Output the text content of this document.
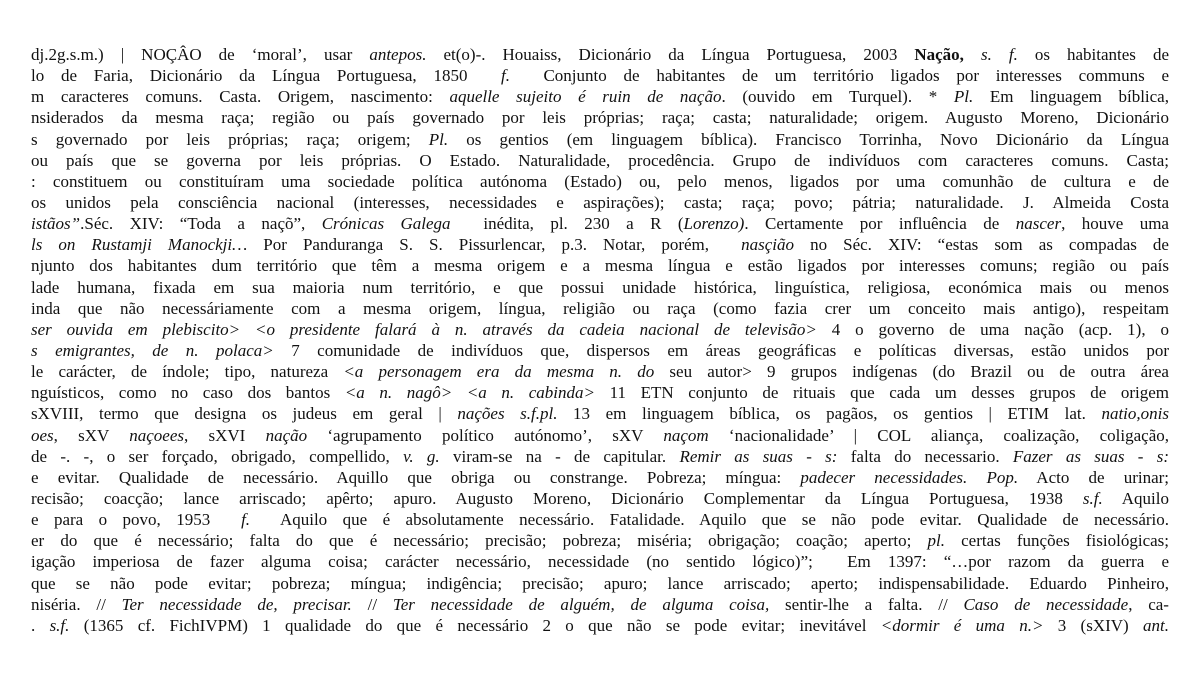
dj.2g.s.m.) | NOÇÂO de ‘moral’, usar antepos. et(o)-. Houaiss, Dicionário da Língua Portuguesa, 2003 Nação, s. f. os habitantes de
lo de Faria, Dicionário da Língua Portuguesa, 1850  f.  Conjunto de habitantes de um território ligados por interesses communs e
m caracteres comuns. Casta. Origem, nascimento: aquelle sujeito é ruin de nação. (ouvido em Turquel). * Pl. Em linguagem bíblica,
nsiderados da mesma raça; região ou país governado por leis próprias; raça; casta; naturalidade; origem. Augusto Moreno, Dicionário
s governado por leis próprias; raça; origem; Pl. os gentios (em linguagem bíblica). Francisco Torrinha, Novo Dicionário da Língua
ou país que se governa por leis próprias. O Estado. Naturalidade, procedência. Grupo de indivíduos com caracteres comuns. Casta;
: constituem ou constituíram uma sociedade política autónoma (Estado) ou, pelo menos, ligados por uma comunhão de cultura e de
os unidos pela consciência nacional (interesses, necessidades e aspirações); casta; raça; povo; pátria; naturalidade. J. Almeida Costa
istãos”.Séc. XIV: “Toda a naçõ”, Crónicas Galega  inédita, pl. 230 a R (Lorenzo). Certamente por influência de nascer, houve uma
ls on Rustamji Manockji… Por Panduranga S. S. Pissurlencar, p.3. Notar, porém,  nasçião no Séc. XIV: “estas som as compadas de
njunto dos habitantes dum território que têm a mesma origem e a mesma língua e estão ligados por interesses comuns; região ou país
lade humana, fixada em sua maioria num território, e que possui unidade histórica, linguística, religiosa, económica mais ou menos
inda que não necessáriamente com a mesma origem, língua, religião ou raça (como fazia crer um conceito mais antigo), respeitam
ser ouvida em plebiscito> <o presidente falará à n. através da cadeia nacional de televisão> 4 o governo de uma nação (acp. 1), o
s emigrantes, de n. polaca> 7 comunidade de indivíduos que, dispersos em áreas geográficas e políticas diversas, estão unidos por
le carácter, de índole; tipo, natureza <a personagem era da mesma n. do seu autor> 9 grupos indígenas (do Brazil ou de outra área
nguísticos, como no caso dos bantos <a n. nagô> <a n. cabinda> 11 ETN conjunto de rituais que cada um desses grupos de origem
sXVIII, termo que designa os judeus em geral | nações s.f.pl. 13 em linguagem bíblica, os pagãos, os gentios | ETIM lat. natio,onis
oes, sXV naçoees, sXVI nação ‘agrupamento político autónomo’, sXV naçom ‘nacionalidade’ | COL aliança, coalização, coligação,
de -. -, o ser forçado, obrigado, compellido, v. g. viram-se na - de capitular. Remir as suas - s: falta do necessario. Fazer as suas - s:
e evitar. Qualidade de necessário. Aquillo que obriga ou constrange. Pobreza; míngua: padecer necessidades. Pop. Acto de urinar;
recisão; coacção; lance arriscado; apêrto; apuro. Augusto Moreno, Dicionário Complementar da Língua Portuguesa, 1938 s.f. Aquilo
e para o povo, 1953  f.  Aquilo que é absolutamente necessário. Fatalidade. Aquilo que se não pode evitar. Qualidade de necessário.
er do que é necessário; falta do que é necessário; precisão; pobreza; miséria; obrigação; coação; aperto; pl. certas funções fisiológicas;
igação imperiosa de fazer alguma coisa; carácter necessário, necessidade (no sentido lógico)”;  Em 1397: “…por razom da guerra e
que se não pode evitar; pobreza; míngua; indigência; precisão; apuro; lance arriscado; aperto; indispensabilidade. Eduardo Pinheiro,
niséria. // Ter necessidade de, precisar. // Ter necessidade de alguém, de alguma coisa, sentir-lhe a falta. // Caso de necessidade, ca-
. s.f. (1365 cf. FichIVPM) 1 qualidade do que é necessário 2 o que não se pode evitar; inevitável <dormir é uma n.> 3 (sXIV) ant.
